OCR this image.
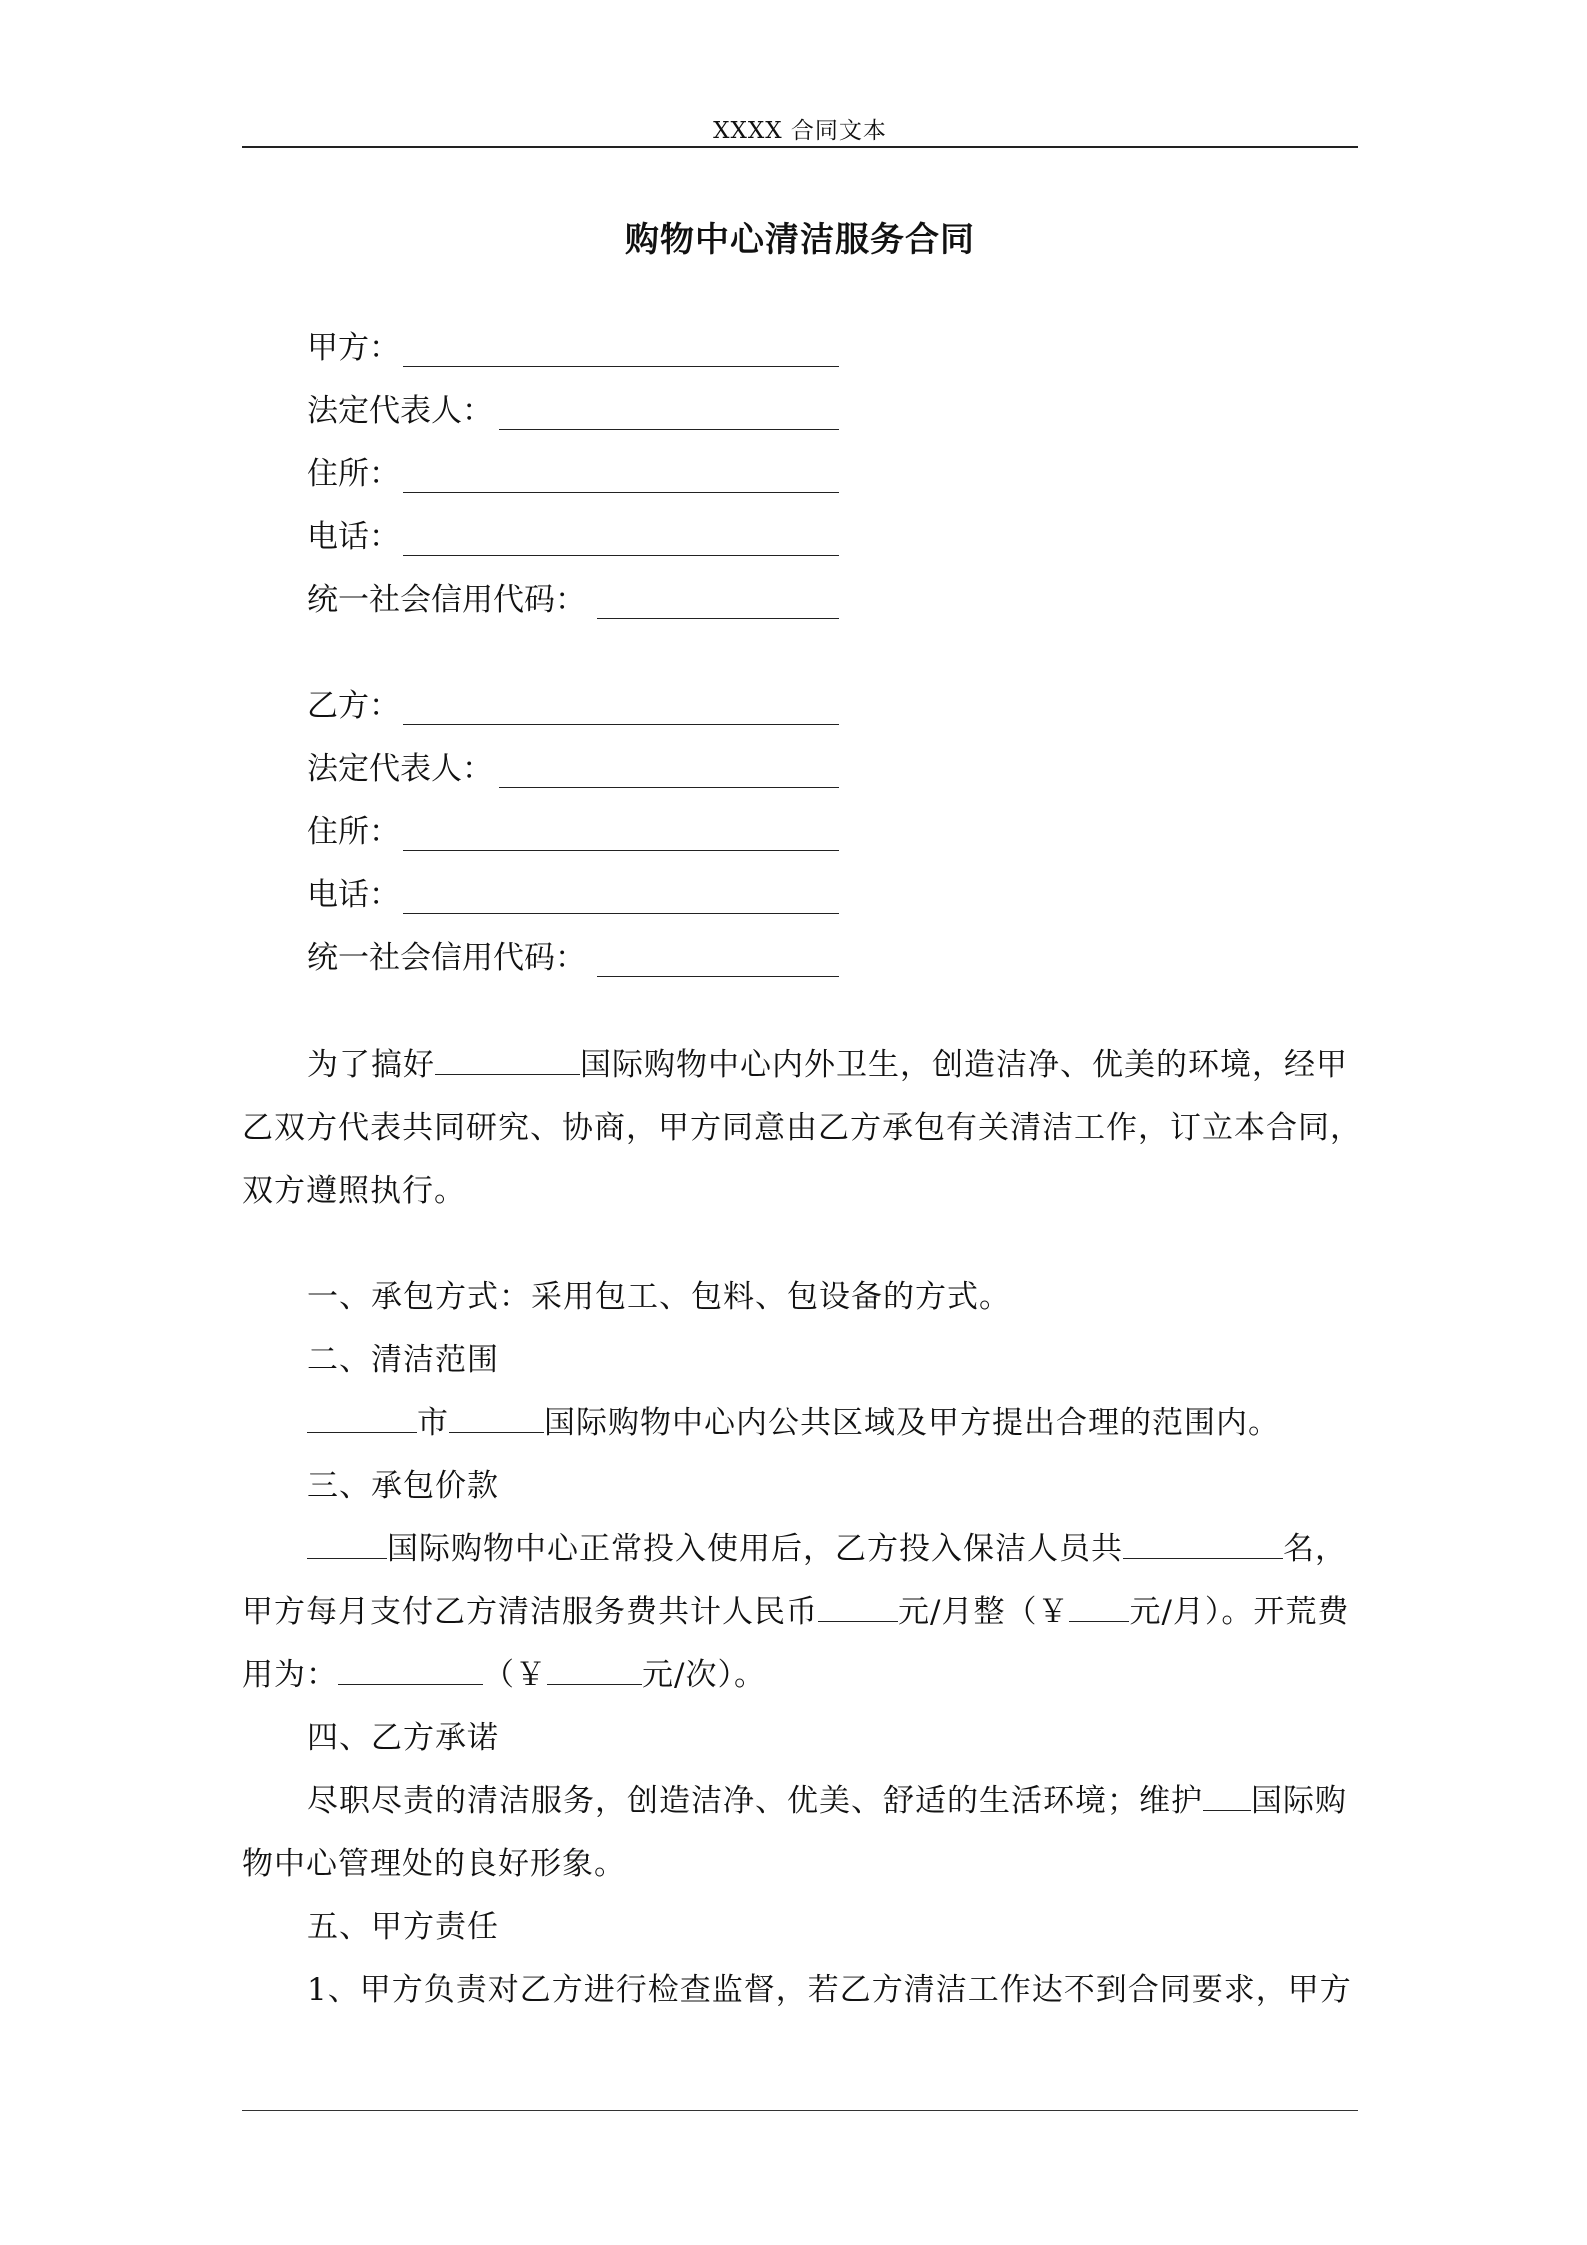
XXXX 合同文本
购物中心清洁服务合同
甲方：
法定代表人：
住所：
电话：
统一社会信用代码：
乙方：
法定代表人：
住所：
电话：
统一社会信用代码：
为了搞好	国际购物中心内外卫生，创造洁净、优美的环境，经甲
乙双方代表共同研究、协商，甲方同意由乙方承包有关清洁工作，订立本合同，
双方遵照执行。
一、承包方式：采用包工、包料、包设备的方式。
二、清洁范围
市	国际购物中心内公共区域及甲方提出合理的范围内。
三、承包价款
国际购物中心正常投入使用后，乙方投入保洁人员共	名，
甲方每月支付乙方清洁服务费共计人民币	元/月整（￥ 元/月）。开荒费
用为：	（￥	元/次）。
四、乙方承诺
尽职尽责的清洁服务，创造洁净、优美、舒适的生活环境；维护 国际购
物中心管理处的良好形象。
五、甲方责任
1、甲方负责对乙方进行检查监督，若乙方清洁工作达不到合同要求，甲方
